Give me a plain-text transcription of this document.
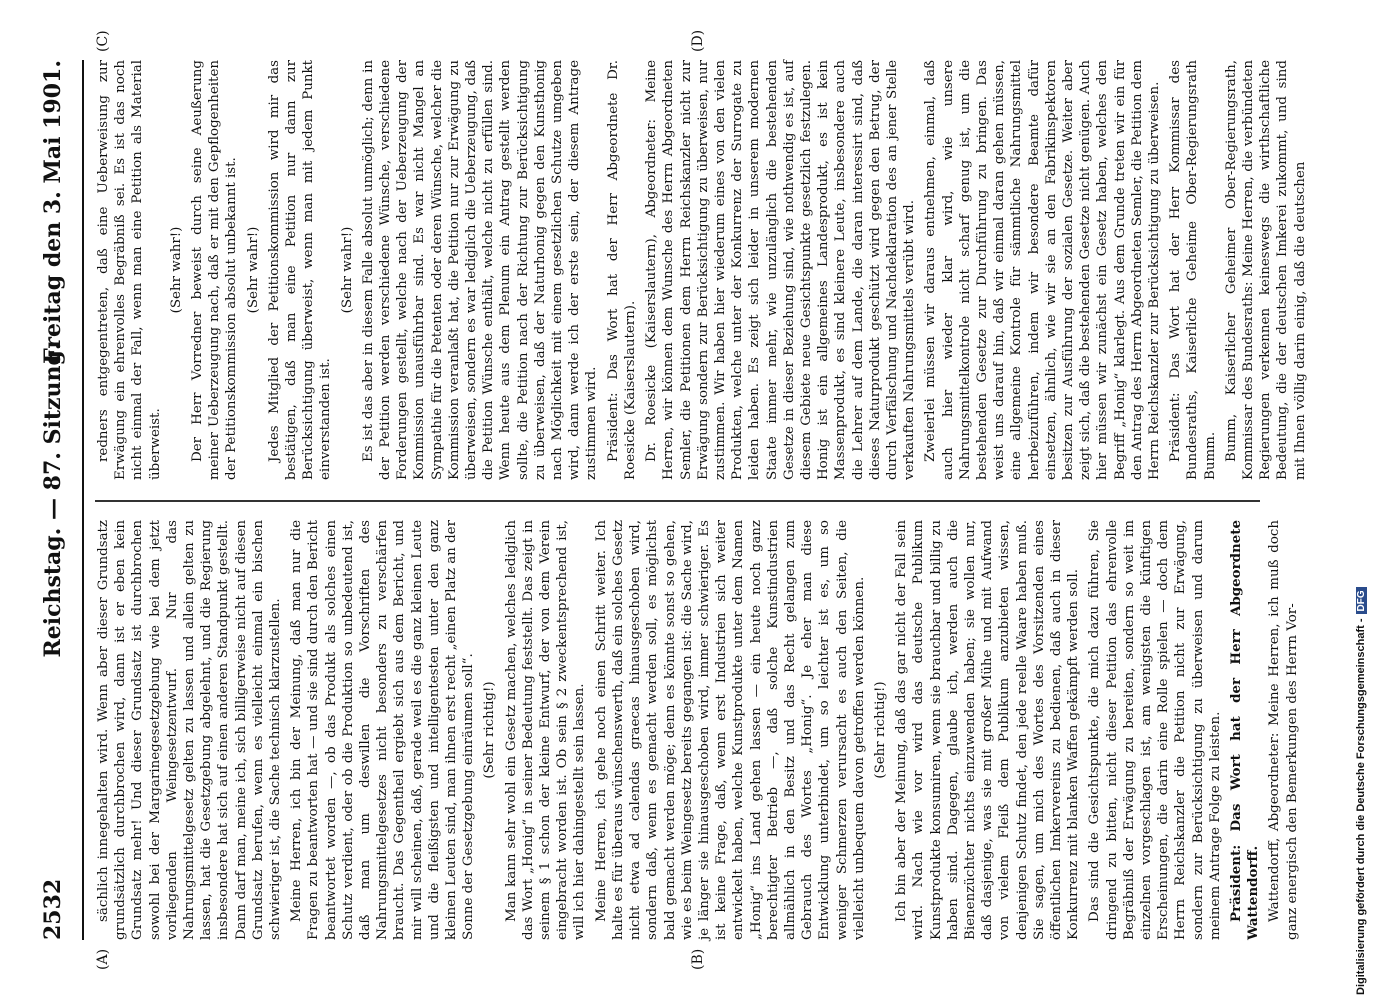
2532
Reichstag. — 87. Sitzung.
Freitag den 3. Mai 1901.
(A)	(B)
(C)	(D)

sächlich innegehalten wird. Wenn aber dieser Grundsatz grundsätzlich durchbrochen wird, dann ist er eben kein Grundsatz mehr! Und dieser Grundsatz ist durchbrochen sowohl bei der Margarinegesetzgebung wie bei dem jetzt vorliegenden Weingesetzentwurf. Nur das Nahrungsmittelgesetz gelten zu lassen und allein gelten zu lassen, hat die Gesetzgebung abgelehnt, und die Regierung insbesondere hat sich auf einen anderen Standpunkt gestellt. Dann darf man, meine ich, sich billigerweise nicht auf diesen Grundsatz berufen, wenn es vielleicht einmal ein bischen schwieriger ist, die Sache technisch klarzustellen. Meine Herren, ich bin der Meinung, daß man nur die Fragen zu beantworten hat — und sie sind durch den Bericht beantwortet worden —, ob das Produkt als solches einen Schutz verdient, oder ob die Produktion so unbedeutend ist, daß man um deswillen die Vorschriften des Nahrungsmittelgesetzes nicht besonders zu verschärfen braucht. Das Gegentheil ergiebt sich aus dem Bericht, und mir will scheinen, daß, gerade weil es die ganz kleinen Leute und die fleißigsten und intelligentesten unter den ganz kleinen Leuten sind, man ihnen erst recht „einen Platz an der Sonne der Gesetzgebung einräumen soll“. (Sehr richtig!) Man kann sehr wohl ein Gesetz machen, welches lediglich das Wort „Honig“ in seiner Bedeutung feststellt. Das zeigt in seinem § 1 schon der kleine Entwurf, der von dem Verein eingebracht worden ist. Ob sein § 2 zweckentsprechend ist, will ich hier dahingestellt sein lassen. Meine Herren, ich gehe noch einen Schritt weiter. Ich halte es für überaus wünschenswerth, daß ein solches Gesetz nicht etwa ad calendas graecas hinausgeschoben wird, sondern daß, wenn es gemacht werden soll, es möglichst bald gemacht werden möge; denn es könnte sonst so gehen, wie es beim Weingesetz bereits gegangen ist: die Sache wird, je länger sie hinausgeschoben wird, immer schwieriger. Es ist keine Frage, daß, wenn erst Industrien sich weiter entwickelt haben, welche Kunstprodukte unter dem Namen „Honig“ ins Land gehen lassen — ein heute noch ganz berechtigter Betrieb —, daß solche Kunstindustrien allmählich in den Besitz und das Recht gelangen zum Gebrauch des Wortes „Honig“. Je eher man diese Entwicklung unterbindet, um so leichter ist es, um so weniger Schmerzen verursacht es auch den Seiten, die vielleicht unbequem davon getroffen werden können. (Sehr richtig!) Ich bin aber der Meinung, daß das gar nicht der Fall sein wird. Nach wie vor wird das deutsche Publikum Kunstprodukte konsumiren, wenn sie brauchbar und billig zu haben sind. Dagegen, glaube ich, werden auch die Bienenzüchter nichts einzuwenden haben; sie wollen nur, daß dasjenige, was sie mit großer Mühe und mit Aufwand von vielem Fleiß dem Publikum anzubieten wissen, denjenigen Schutz findet, den jede reelle Waare haben muß. Sie sagen, um mich des Wortes des Vorsitzenden eines öffentlichen Imkervereins zu bedienen, daß auch in dieser Konkurrenz mit blanken Waffen gekämpft werden soll. Das sind die Gesichtspunkte, die mich dazu führen, Sie dringend zu bitten, nicht dieser Petition das ehrenvolle Begräbniß der Erwägung zu bereiten, sondern so weit im einzelnen vorgeschlagen ist, am wenigsten die künftigen Erscheinungen, die darin eine Rolle spielen — doch dem Herrn Reichskanzler die Petition nicht zur Erwägung, sondern zur Berücksichtigung zu überweisen und darum meinem Antrage Folge zu leisten. Präsident: Das Wort hat der Herr Abgeordnete Wattendorff. Wattendorff, Abgeordneter: Meine Herren, ich muß doch ganz energisch den Bemerkungen des Herrn Vor-

redners entgegentreten, daß eine Ueberweisung zur Erwägung ein ehrenvolles Begräbniß sei. Es ist das noch nicht einmal der Fall, wenn man eine Petition als Material überweist.

(Sehr wahr!) Der Herr Vorredner beweist durch seine Aeußerung meiner Ueberzeugung nach, daß er mit den Gepflogenheiten der Petitionskommission absolut unbekannt ist. (Sehr wahr!) Jedes Mitglied der Petitionskommission wird mir das bestätigen, daß man eine Petition nur dann zur Berücksichtigung überweist, wenn man mit jedem Punkt einverstanden ist.

(Sehr wahr!) Es ist das aber in diesem Falle absolut unmöglich; denn in der Petition werden verschiedene Wünsche, verschiedene Forderungen gestellt, welche nach der Ueberzeugung der Kommission unausführbar sind. Es war nicht Mangel an Sympathie für die Petenten oder deren Wünsche, welcher die Kommission veranlaßt hat, die Petition nur zur Erwägung zu überweisen, sondern es war lediglich die Ueberzeugung, daß die Petition Wünsche enthält, welche nicht zu erfüllen sind. Wenn heute aus dem Plenum ein Antrag gestellt werden sollte, die Petition nach der Richtung zur Berücksichtigung zu überweisen, daß der Naturhonig gegen den Kunsthonig nach Möglichkeit mit einem gesetzlichen Schutze umgeben wird, dann werde ich der erste sein, der diesem Antrage zustimmen wird. Präsident: Das Wort hat der Herr Abgeordnete Dr. Roesicke (Kaiserslautern). Dr. Roesicke (Kaiserslautern), Abgeordneter: Meine Herren, wir können dem Wunsche des Herrn Abgeordneten Semler, die Petitionen dem Herrn Reichskanzler nicht zur Erwägung sondern zur Berücksichtigung zu überweisen, nur zustimmen. Wir haben hier wiederum eines von den vielen Produkten, welche unter der Konkurrenz der Surrogate zu leiden haben. Es zeigt sich leider in unserem modernen Staate immer mehr, wie unzulänglich die bestehenden Gesetze in dieser Beziehung sind, wie nothwendig es ist, auf diesem Gebiete neue Gesichtspunkte gesetzlich festzulegen. Honig ist ein allgemeines Landesprodukt, es ist kein Massenprodukt, es sind kleinere Leute, insbesondere auch die Lehrer auf dem Lande, die daran interessirt sind, daß dieses Naturprodukt geschützt wird gegen den Betrug, der durch Verfälschung und Nachdeklaration des an jener Stelle verkauften Nahrungsmittels verübt wird. Zweierlei müssen wir daraus entnehmen, einmal, daß auch hier wieder klar wird, wie unsere Nahrungsmittelkontrole nicht scharf genug ist, um die bestehenden Gesetze zur Durchführung zu bringen. Das weist uns darauf hin, daß wir einmal daran gehen müssen, eine allgemeine Kontrole für sämmtliche Nahrungsmittel herbeizuführen, indem wir besondere Beamte dafür einsetzen, ähnlich, wie wir sie an den Fabrikinspektoren besitzen zur Ausführung der sozialen Gesetze. Weiter aber zeigt sich, daß die bestehenden Gesetze nicht genügen. Auch hier müssen wir zunächst ein Gesetz haben, welches den Begriff „Honig“ klarlegt. Aus dem Grunde treten wir ein für den Antrag des Herrn Abgeordneten Semler, die Petition dem Herrn Reichskanzler zur Berücksichtigung zu überweisen. Präsident: Das Wort hat der Herr Kommissar des Bundesraths, Kaiserliche Geheime Ober-Regierungsrath Bumm. Bumm, Kaiserlicher Geheimer Ober-Regierungsrath, Kommissar des Bundesraths: Meine Herren, die verbündeten Regierungen verkennen keineswegs die wirthschaftliche Bedeutung, die der deutschen Imkerei zukommt, und sind mit Ihnen völlig darin einig, daß die deutschen

Digitalisierung gefördert durch die Deutsche Forschungsgemeinschaft -DFG
